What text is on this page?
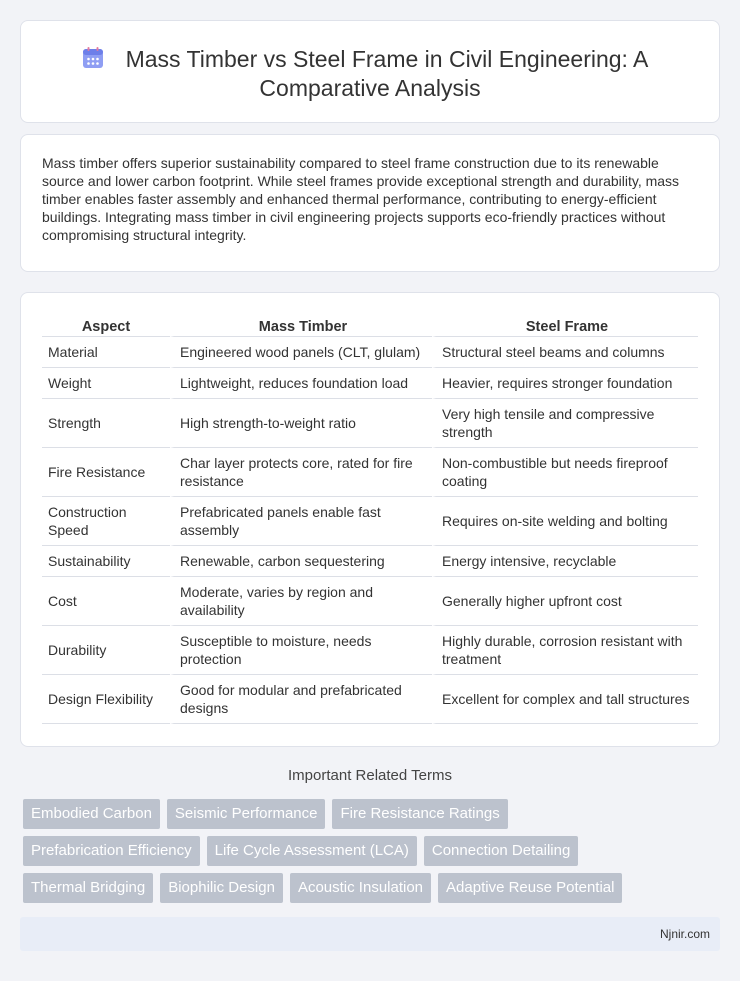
Mass Timber vs Steel Frame in Civil Engineering: A
Comparative Analysis

Mass timber offers superior sustainability compared to steel frame construction due to its renewable source and lower carbon footprint. While steel frames provide exceptional strength and durability, mass timber enables faster assembly and enhanced thermal performance, contributing to energy-efficient buildings. Integrating mass timber in civil engineering projects supports eco-friendly practices without compromising structural integrity.

Aspect	Mass Timber	Steel Frame
Material	Engineered wood panels (CLT, glulam)	Structural steel beams and columns
Weight	Lightweight, reduces foundation load	Heavier, requires stronger foundation
Strength	High strength-to-weight ratio	Very high tensile and compressive strength
Fire Resistance	Char layer protects core, rated for fire resistance	Non-combustible but needs fireproof coating
Construction Speed	Prefabricated panels enable fast assembly	Requires on-site welding and bolting
Sustainability	Renewable, carbon sequestering	Energy intensive, recyclable
Cost	Moderate, varies by region and availability	Generally higher upfront cost
Durability	Susceptible to moisture, needs protection	Highly durable, corrosion resistant with treatment
Design Flexibility	Good for modular and prefabricated designs	Excellent for complex and tall structures
Important Related Terms
Embodied Carbon	Seismic Performance	Fire Resistance Ratings
Prefabrication Efficiency	Life Cycle Assessment (LCA)	Connection Detailing
Thermal Bridging	Biophilic Design	Acoustic Insulation	Adaptive Reuse Potential
Njnir.com
